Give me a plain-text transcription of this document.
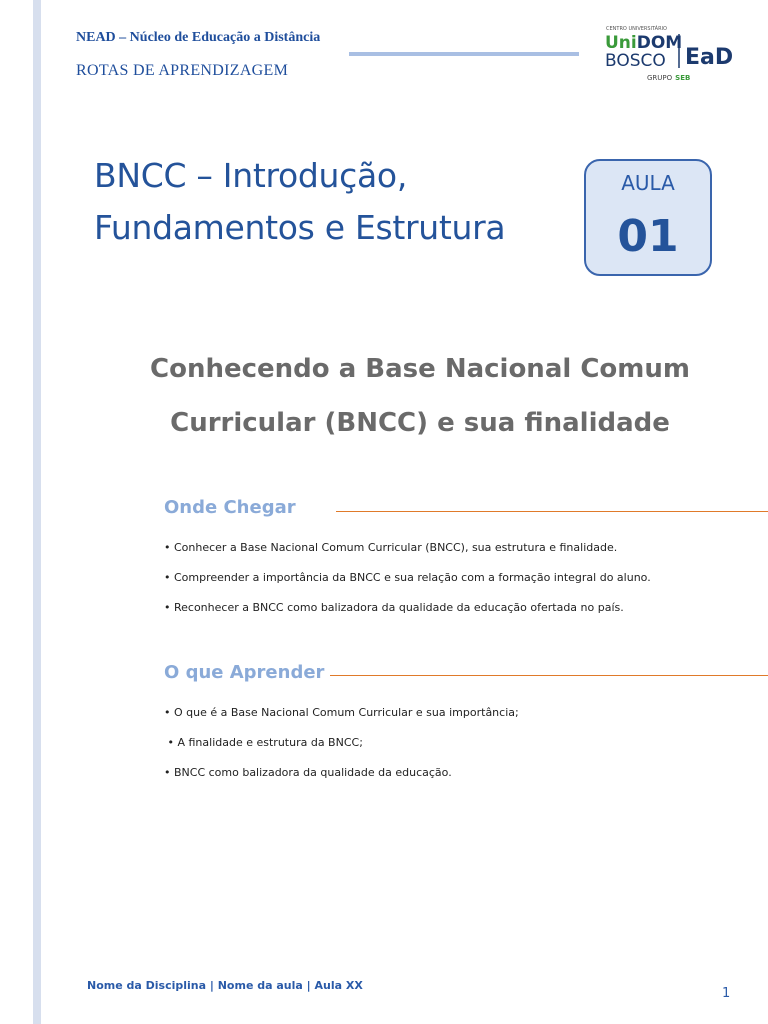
NEAD – Núcleo de Educação a Distância
ROTAS DE APRENDIZAGEM
CENTRO UNIVERSITÁRIO
UniDOM
BOSCO EaD
GRUPO SEB
BNCC – Introdução,
Fundamentos e Estrutura
AULA
01
Conhecendo a Base Nacional Comum
Curricular (BNCC) e sua finalidade
Onde Chegar
• Conhecer a Base Nacional Comum Curricular (BNCC), sua estrutura e finalidade.
• Compreender a importância da BNCC e sua relação com a formação integral do aluno.
• Reconhecer a BNCC como balizadora da qualidade da educação ofertada no país.
O que Aprender
• O que é a Base Nacional Comum Curricular e sua importância;
• A finalidade e estrutura da BNCC;
• BNCC como balizadora da qualidade da educação.
Nome da Disciplina | Nome da aula | Aula XX
1
